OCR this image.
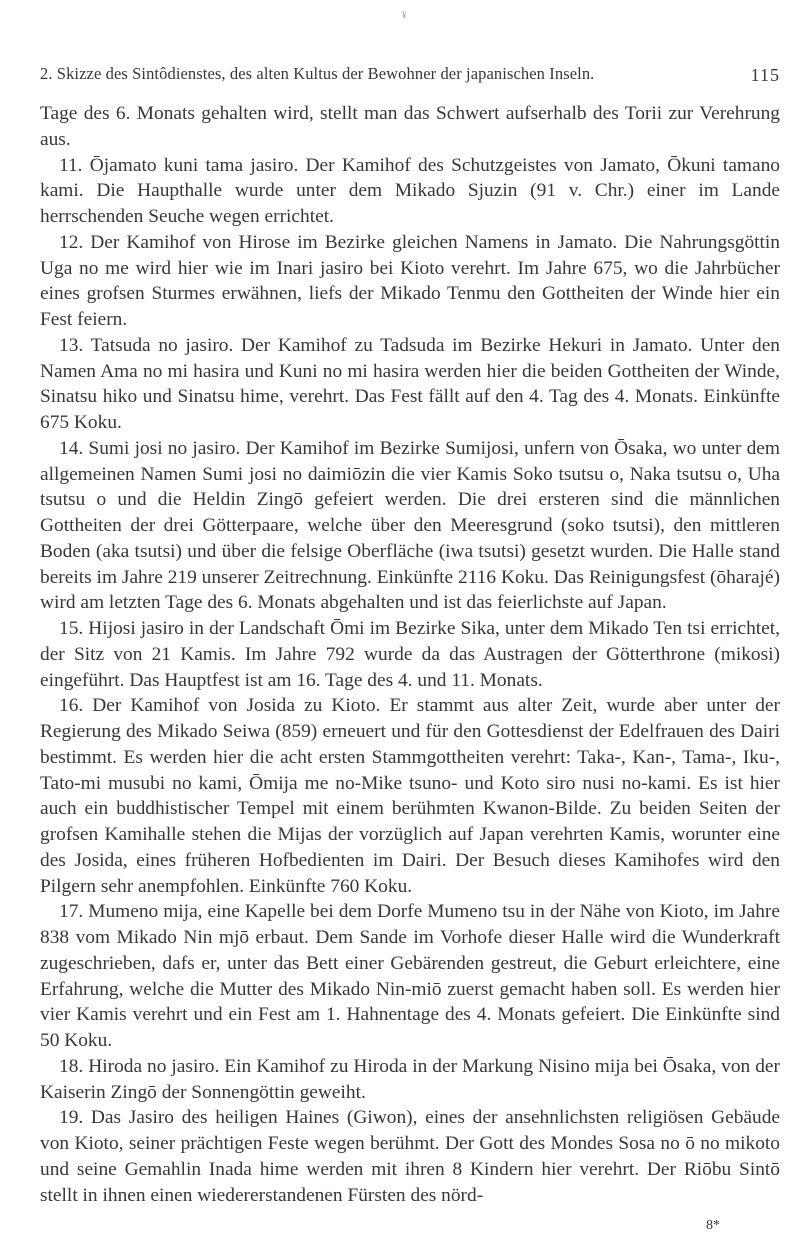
¥
2. Skizze des Sintôdienstes, des alten Kultus der Bewohner der japanischen Inseln.	115

Tage des 6. Monats gehalten wird, stellt man das Schwert aufserhalb des Torii zur Verehrung aus.

11. Ōjamato kuni tama jasiro. Der Kamihof des Schutzgeistes von Jamato, Ōkuni tamano kami. Die Haupthalle wurde unter dem Mikado Sjuzin (91 v. Chr.) einer im Lande herrschenden Seuche wegen errichtet.

12. Der Kamihof von Hirose im Bezirke gleichen Namens in Jamato. Die Nahrungsgöttin Uga no me wird hier wie im Inari jasiro bei Kioto verehrt. Im Jahre 675, wo die Jahrbücher eines grofsen Sturmes erwähnen, liefs der Mikado Tenmu den Gottheiten der Winde hier ein Fest feiern.

13. Tatsuda no jasiro. Der Kamihof zu Tadsuda im Bezirke Hekuri in Jamato. Unter den Namen Ama no mi hasira und Kuni no mi hasira werden hier die beiden Gottheiten der Winde, Sinatsu hiko und Sinatsu hime, verehrt. Das Fest fällt auf den 4. Tag des 4. Monats. Einkünfte 675 Koku.

14. Sumi josi no jasiro. Der Kamihof im Bezirke Sumijosi, unfern von Ōsaka, wo unter dem allgemeinen Namen Sumi josi no daimiōzin die vier Kamis Soko tsutsu o, Naka tsutsu o, Uha tsutsu o und die Heldin Zingō gefeiert werden. Die drei ersteren sind die männlichen Gottheiten der drei Götterpaare, welche über den Meeresgrund (soko tsutsi), den mittleren Boden (aka tsutsi) und über die felsige Oberfläche (iwa tsutsi) gesetzt wurden. Die Halle stand bereits im Jahre 219 unserer Zeitrechnung. Einkünfte 2116 Koku. Das Reinigungsfest (ōharajé) wird am letzten Tage des 6. Monats abgehalten und ist das feierlichste auf Japan.

15. Hijosi jasiro in der Landschaft Ōmi im Bezirke Sika, unter dem Mikado Ten tsi errichtet, der Sitz von 21 Kamis. Im Jahre 792 wurde da das Austragen der Götterthrone (mikosi) eingeführt. Das Hauptfest ist am 16. Tage des 4. und 11. Monats.

16. Der Kamihof von Josida zu Kioto. Er stammt aus alter Zeit, wurde aber unter der Regierung des Mikado Seiwa (859) erneuert und für den Gottesdienst der Edelfrauen des Dairi bestimmt. Es werden hier die acht ersten Stammgottheiten verehrt: Taka-, Kan-, Tama-, Iku-, Tato-mi musubi no kami, Ōmija me no-Mike tsuno- und Koto siro nusi no-kami. Es ist hier auch ein buddhistischer Tempel mit einem berühmten Kwanon-Bilde. Zu beiden Seiten der grofsen Kamihalle stehen die Mijas der vorzüglich auf Japan verehrten Kamis, worunter eine des Josida, eines früheren Hofbedienten im Dairi. Der Besuch dieses Kamihofes wird den Pilgern sehr anempfohlen. Einkünfte 760 Koku.

17. Mumeno mija, eine Kapelle bei dem Dorfe Mumeno tsu in der Nähe von Kioto, im Jahre 838 vom Mikado Nin mjō erbaut. Dem Sande im Vorhofe dieser Halle wird die Wunderkraft zugeschrieben, dafs er, unter das Bett einer Gebärenden gestreut, die Geburt erleichtere, eine Erfahrung, welche die Mutter des Mikado Nin-miō zuerst gemacht haben soll. Es werden hier vier Kamis verehrt und ein Fest am 1. Hahnentage des 4. Monats gefeiert. Die Einkünfte sind 50 Koku.

18. Hiroda no jasiro. Ein Kamihof zu Hiroda in der Markung Nisino mija bei Ōsaka, von der Kaiserin Zingō der Sonnengöttin geweiht.

19. Das Jasiro des heiligen Haines (Giwon), eines der ansehnlichsten religiösen Gebäude von Kioto, seiner prächtigen Feste wegen berühmt. Der Gott des Mondes Sosa no ō no mikoto und seine Gemahlin Inada hime werden mit ihren 8 Kindern hier verehrt. Der Riōbu Sintō stellt in ihnen einen wiedererstandenen Fürsten des nörd-

8*
